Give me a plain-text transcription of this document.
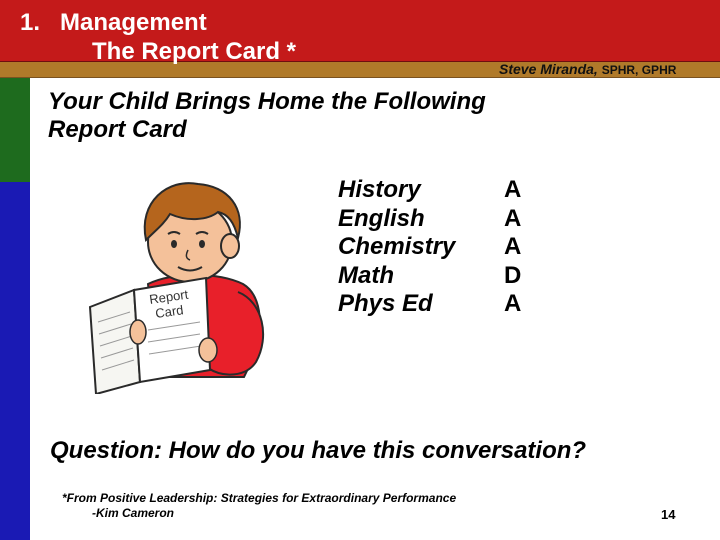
1. Management
The Report Card *
Steve Miranda, SPHR, GPHR
Your Child Brings Home the Following
Report Card
Report
Card
History	A
English	A
Chemistry	A
Math	D
Phys Ed	A
Question: How do you have this conversation?
*From Positive Leadership: Strategies for Extraordinary Performance
-Kim Cameron	14
